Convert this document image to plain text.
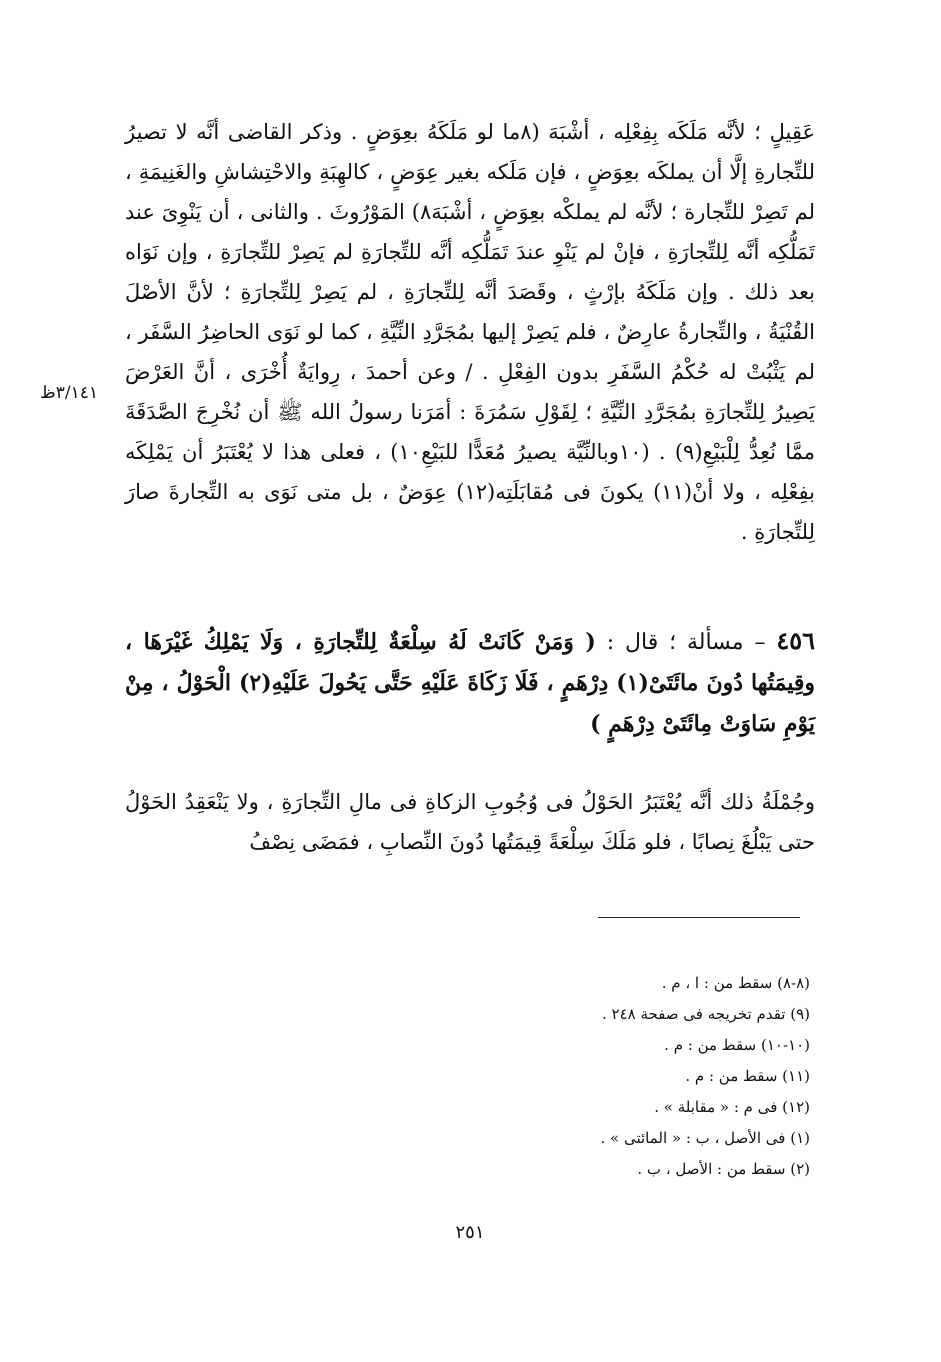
عَقِيلٍ ؛ لأنَّه مَلَكَه بِفِعْلِه ، أشْبَهَ (٨ما لو مَلَكَهُ بعِوَضٍ . وذكر القاضى أنَّه لا تصيرُ للتِّجارةِ إلَّا أن يملكَه بعِوَضٍ ، فإن مَلَكه بغير عِوَضٍ ، كالهِبَةِ والاحْتِشاشِ والغَنِيمَةِ ، لم تَصِرْ للتِّجارة ؛ لأنَّه لم يملكْه بعِوَضٍ ، أشْبَهَ٨) المَوْرُوثَ . والثانى ، أن يَنْوِىَ عند تَمَلُّكِه أنَّه لِلتِّجارَةِ ، فإنْ لم يَنْوِ عندَ تَمَلُّكِه أنَّه للتِّجارَةِ لم يَصِرْ للتِّجارَةِ ، وإن نَوَاه بعد ذلك . وإن مَلَكَهُ بإرْثٍ ، وقَصَدَ أنَّه لِلتِّجارَةِ ، لم يَصِرْ لِلتِّجارَةِ ؛ لأنَّ الأصْلَ القُنْيَةُ ، والتِّجارةُ عارِضٌ ، فلم يَصِرْ إليها بمُجَرَّدِ النِّيَّةِ ، كما لو نَوَى الحاضِرُ السَّفَر ، لم يَثْبُتْ له حُكْمُ السَّفَرِ بدون الفِعْلِ . / وعن أحمدَ ، رِوايَةٌ أُخْرَى ، أنَّ العَرْضَ يَصِيرُ لِلتِّجارَةِ بمُجَرَّدِ النِّيَّةِ ؛ لِقَوْلِ سَمُرَةَ : أمَرَنا رسولُ الله ﷺ أن نُخْرِجَ الصَّدَقَةَ ممَّا نُعِدُّ لِلْبَيْعِ(٩) . (١٠وبالنِّيَّة يصيرُ مُعَدًّا للبَيْعِ١٠) ، فعلى هذا لا يُعْتَبَرُ أن يَمْلِكَه بفِعْلِه ، ولا أنْ(١١) يكونَ فى مُقابَلَتِه(١٢) عِوَضٌ ، بل متى نَوَى به التِّجارةَ صارَ لِلتِّجارَةِ .

٣/١٤١ظ
٤٥٦ – مسألة ؛ قال : ( وَمَنْ كَانَتْ لَهُ سِلْعَةٌ لِلتِّجارَةِ ، وَلَا يَمْلِكُ غَيْرَهَا ، وقِيمَتُها دُونَ مائَتَىْ(١) دِرْهَمٍ ، فَلَا زَكَاةَ عَلَيْهِ حَتَّى يَحُولَ عَلَيْهِ(٢) الْحَوْلُ ، مِنْ يَوْمِ سَاوَتْ مِائَتَىْ دِرْهَمٍ )
وجُمْلَةُ ذلك أنَّه يُعْتَبَرُ الحَوْلُ فى وُجُوبِ الزكاةِ فى مالِ التِّجارَةِ ، ولا يَنْعَقِدُ الحَوْلُ حتى يَبْلُغَ نِصابًا ، فلو مَلَكَ سِلْعَةً قِيمَتُها دُونَ النِّصابِ ، فمَضَى نِصْفُ
(٨-٨) سقط من : ا ، م .
(٩) تقدم تخريجه فى صفحة ٢٤٨ .
(١٠-١٠) سقط من : م .
(١١) سقط من : م .
(١٢) فى م : « مقابلة » .
(١) فى الأصل ، ب : « المائتى » .
(٢) سقط من : الأصل ، ب .
٢٥١
